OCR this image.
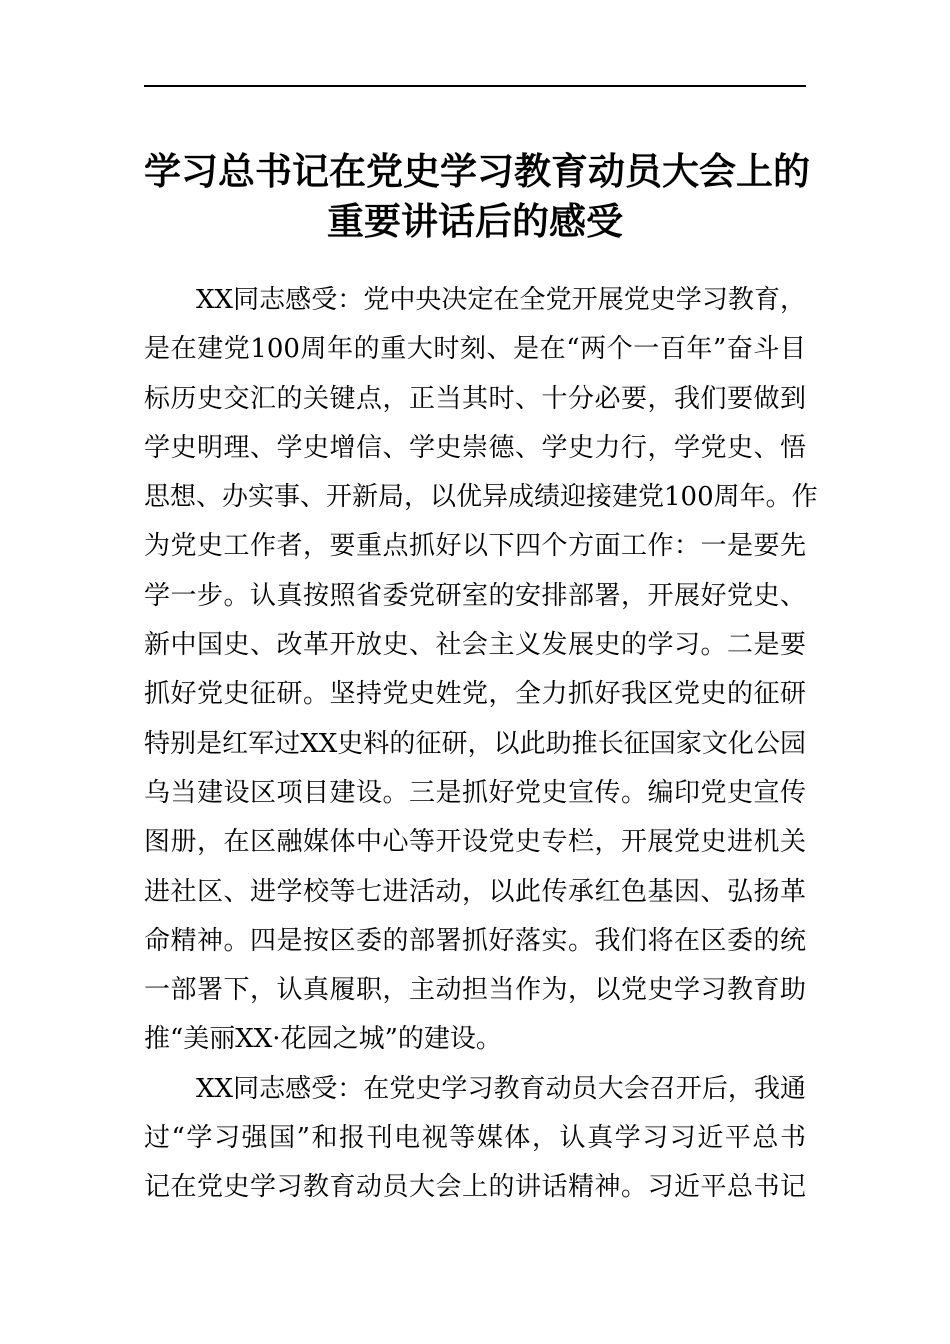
学习总书记在党史学习教育动员大会上的
重要讲话后的感受
XX同志感受：党中央决定在全党开展党史学习教育，
是在建党100周年的重大时刻、是在“两个一百年”奋斗目
标历史交汇的关键点，正当其时、十分必要，我们要做到
学史明理、学史增信、学史崇德、学史力行，学党史、悟
思想、办实事、开新局，以优异成绩迎接建党100周年。作
为党史工作者，要重点抓好以下四个方面工作：一是要先
学一步。认真按照省委党研室的安排部署，开展好党史、
新中国史、改革开放史、社会主义发展史的学习。二是要
抓好党史征研。坚持党史姓党，全力抓好我区党史的征研
特别是红军过XX史料的征研，以此助推长征国家文化公园
乌当建设区项目建设。三是抓好党史宣传。编印党史宣传
图册，在区融媒体中心等开设党史专栏，开展党史进机关
进社区、进学校等七进活动，以此传承红色基因、弘扬革
命精神。四是按区委的部署抓好落实。我们将在区委的统
一部署下，认真履职，主动担当作为，以党史学习教育助
推“美丽XX·花园之城”的建设。
XX同志感受：在党史学习教育动员大会召开后，我通
过“学习强国”和报刊电视等媒体，认真学习习近平总书
记在党史学习教育动员大会上的讲话精神。习近平总书记
